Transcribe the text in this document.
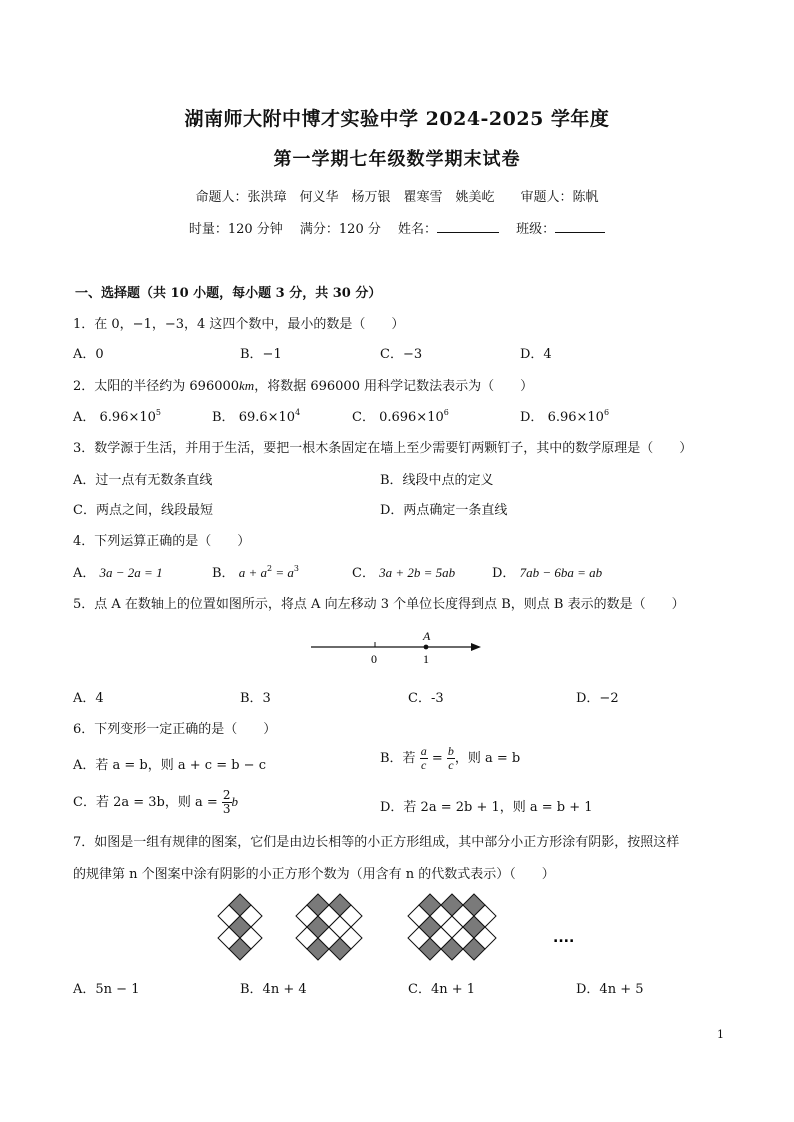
湖南师大附中博才实验中学 2024-2025 学年度
第一学期七年级数学期末试卷
命题人：张洪璋　何义华　杨万银　瞿寒雪　姚美屹　　审题人：陈帆
时量：120 分钟  满分：120 分  姓名： 	班级：
一、选择题（共 10 小题，每小题 3 分，共 30 分）
1．在 0，−1，−3，4 这四个数中，最小的数是（　　）
A．0	B．−1	C．−3	D．4
2．太阳的半径约为 696000km，将数据 696000 用科学记数法表示为（　　）
A． $6.96\times 10^5$	B． $69.6\times 10^4$	C． $0.696\times 10^6$	D． $6.96\times 10^6$
3．数学源于生活，并用于生活，要把一根木条固定在墙上至少需要钉两颗钉子，其中的数学原理是（　　）
A．过一点有无数条直线	B．线段中点的定义
C．两点之间，线段最短	D．两点确定一条直线
4．下列运算正确的是（　　）
A． 3a − 2a = 1	B． $a + a^2 = a^3$	C． 3a + 2b = 5ab	D． 7ab − 6ba = ab
5．点 A 在数轴上的位置如图所示，将点 A 向左移动 3 个单位长度得到点 B，则点 B 表示的数是（　　）
A
0	1
A．4	B．3	C．-3	D．−2
6．下列变形一定正确的是（　　）
A．若 a = b，则 a + c = b − c	B．若 $\frac{a}{c} = \frac{b}{c}$ ，则 a = b
C．若 2a = 3b，则 $a = \frac{2}{3}$ b	D．若 2a = 2b + 1，则 a = b + 1
7．如图是一组有规律的图案，它们是由边长相等的小正方形组成，其中部分小正方形涂有阴影，按照这样
的规律第 n 个图案中涂有阴影的小正方形个数为（用含有 n 的代数式表示）（　　）
....
A．5n − 1	B．4n + 4	C．4n + 1	D．4n + 5
1
